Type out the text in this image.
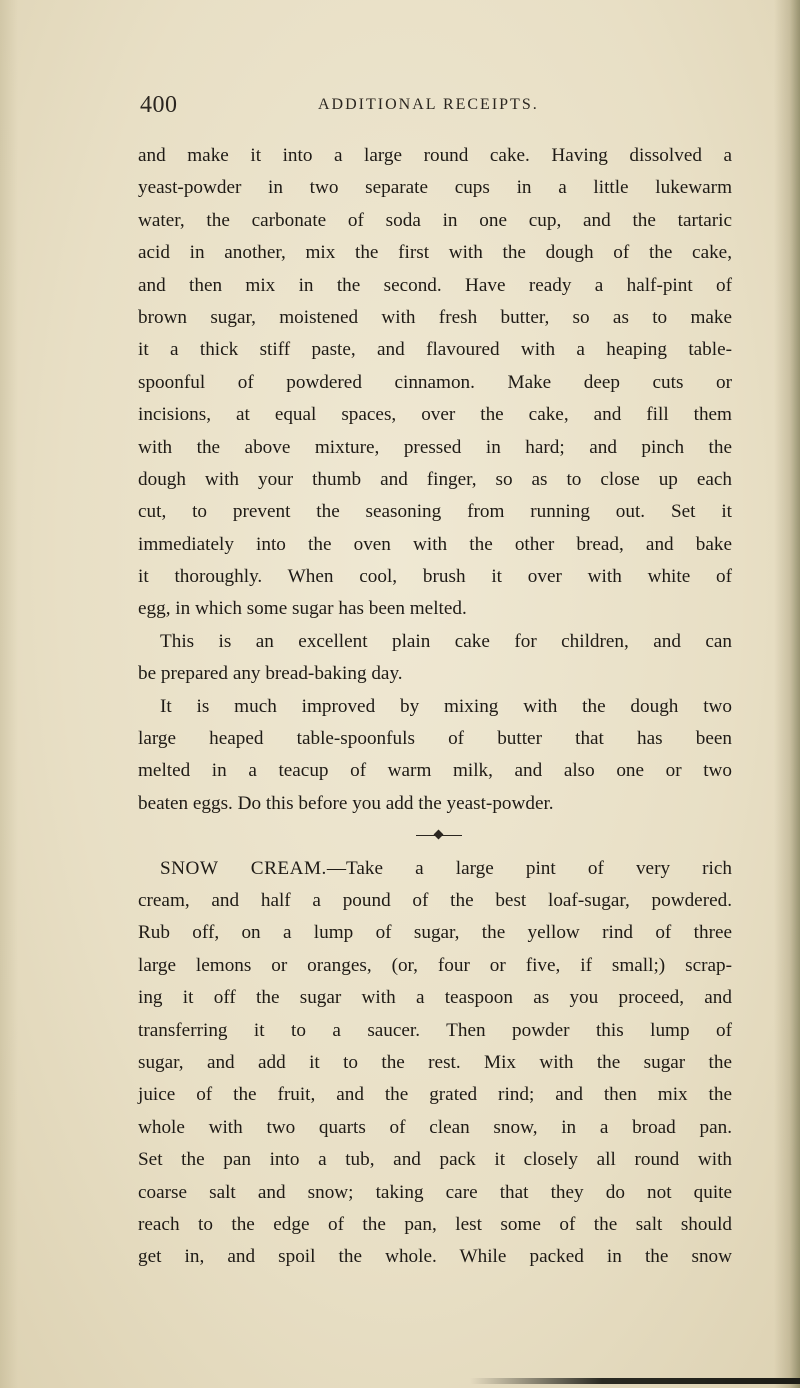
400	ADDITIONAL RECEIPTS.
and make it into a large round cake. Having dissolved a
yeast-powder in two separate cups in a little lukewarm
water, the carbonate of soda in one cup, and the tartaric
acid in another, mix the first with the dough of the cake,
and then mix in the second. Have ready a half-pint of
brown sugar, moistened with fresh butter, so as to make
it a thick stiff paste, and flavoured with a heaping table-
spoonful of powdered cinnamon. Make deep cuts or
incisions, at equal spaces, over the cake, and fill them
with the above mixture, pressed in hard; and pinch the
dough with your thumb and finger, so as to close up each
cut, to prevent the seasoning from running out. Set it
immediately into the oven with the other bread, and bake
it thoroughly. When cool, brush it over with white of
egg, in which some sugar has been melted.
This is an excellent plain cake for children, and can
be prepared any bread-baking day.
It is much improved by mixing with the dough two
large heaped table-spoonfuls of butter that has been
melted in a teacup of warm milk, and also one or two
beaten eggs. Do this before you add the yeast-powder.
SNOW CREAM.—Take a large pint of very rich
cream, and half a pound of the best loaf-sugar, powdered.
Rub off, on a lump of sugar, the yellow rind of three
large lemons or oranges, (or, four or five, if small;) scrap-
ing it off the sugar with a teaspoon as you proceed, and
transferring it to a saucer. Then powder this lump of
sugar, and add it to the rest. Mix with the sugar the
juice of the fruit, and the grated rind; and then mix the
whole with two quarts of clean snow, in a broad pan.
Set the pan into a tub, and pack it closely all round with
coarse salt and snow; taking care that they do not quite
reach to the edge of the pan, lest some of the salt should
get in, and spoil the whole. While packed in the snow
